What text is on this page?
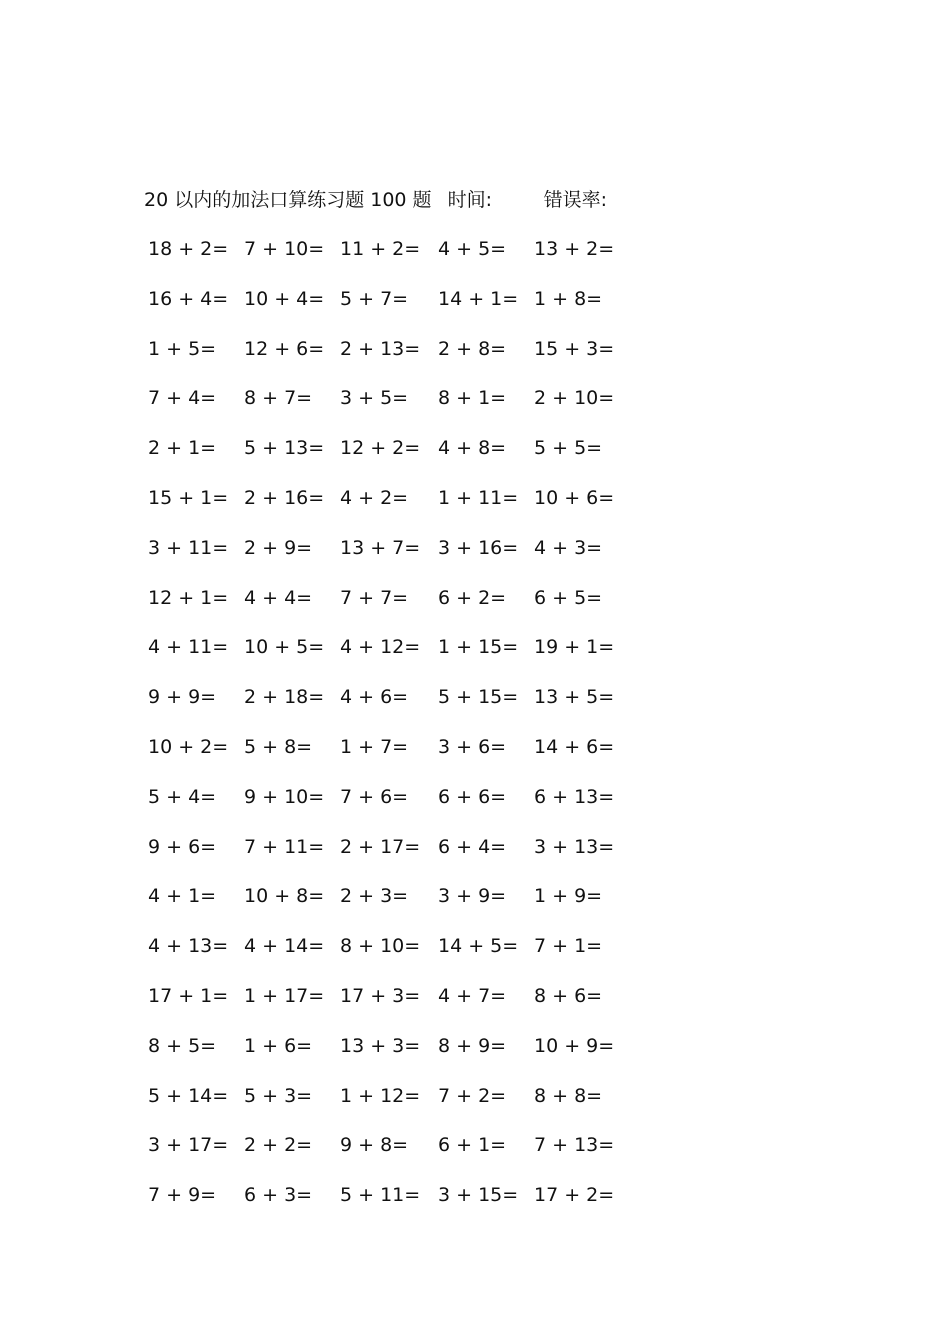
20 以内的加法口算练习题 100 题 时间:	错误率:
18 + 2= 7 + 10= 11 + 2= 4 + 5= 13 + 2=
16 + 4= 10 + 4= 5 + 7= 14 + 1= 1 + 8=
1 + 5= 12 + 6= 2 + 13= 2 + 8= 15 + 3=
7 + 4= 8 + 7= 3 + 5= 8 + 1= 2 + 10=
2 + 1= 5 + 13= 12 + 2= 4 + 8= 5 + 5=
15 + 1= 2 + 16= 4 + 2= 1 + 11= 10 + 6=
3 + 11= 2 + 9= 13 + 7= 3 + 16= 4 + 3=
12 + 1= 4 + 4= 7 + 7= 6 + 2= 6 + 5=
4 + 11= 10 + 5= 4 + 12= 1 + 15= 19 + 1=
9 + 9= 2 + 18= 4 + 6= 5 + 15= 13 + 5=
10 + 2= 5 + 8= 1 + 7= 3 + 6= 14 + 6=
5 + 4= 9 + 10= 7 + 6= 6 + 6= 6 + 13=
9 + 6= 7 + 11= 2 + 17= 6 + 4= 3 + 13=
4 + 1= 10 + 8= 2 + 3= 3 + 9= 1 + 9=
4 + 13= 4 + 14= 8 + 10= 14 + 5= 7 + 1=
17 + 1= 1 + 17= 17 + 3= 4 + 7= 8 + 6=
8 + 5= 1 + 6= 13 + 3= 8 + 9= 10 + 9=
5 + 14= 5 + 3= 1 + 12= 7 + 2= 8 + 8=
3 + 17= 2 + 2= 9 + 8= 6 + 1= 7 + 13=
7 + 9= 6 + 3= 5 + 11= 3 + 15= 17 + 2=
